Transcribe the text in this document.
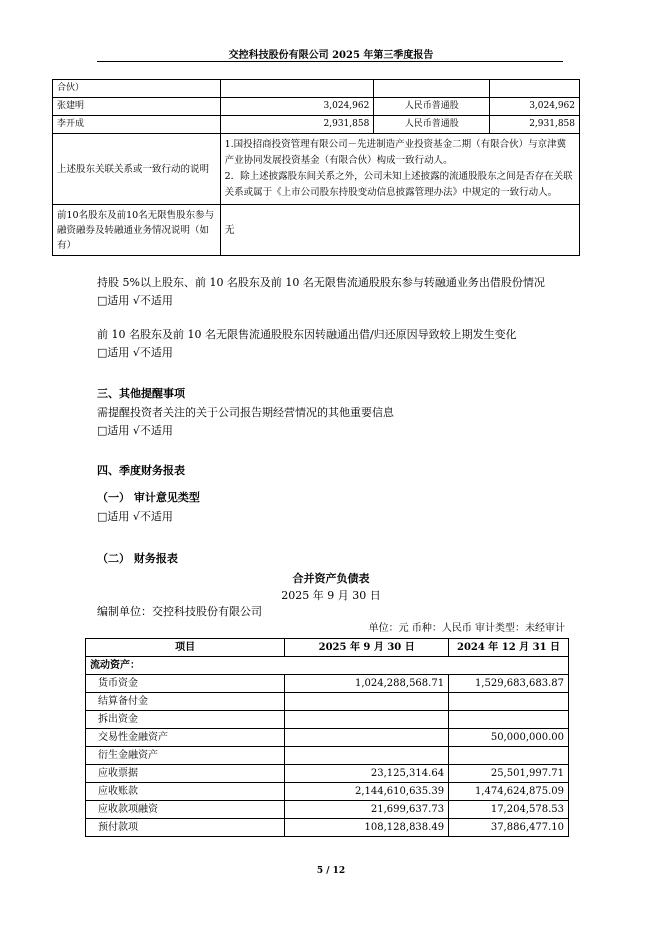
交控科技股份有限公司 2025 年第三季度报告
合伙）			
张建明	3,024,962	人民币普通股	3,024,962
李开成	2,931,858	人民币普通股	2,931,858
上述股东关联关系或一致行动的说明	1.国投招商投资管理有限公司－先进制造产业投资基金二期（有限合伙）与京津冀产业协同发展投资基金（有限合伙）构成一致行动人。
2．除上述披露股东间关系之外，公司未知上述披露的流通股股东之间是否存在关联关系或属于《上市公司股东持股变动信息披露管理办法》中规定的一致行动人。		

前10名股东及前10名无限售股东参与融资融券及转融通业务情况说明（如有）	无		
持股 5%以上股东、前 10 名股东及前 10 名无限售流通股股东参与转融通业务出借股份情况
□适用 √不适用
前 10 名股东及前 10 名无限售流通股股东因转融通出借/归还原因导致较上期发生变化
□适用 √不适用
三、其他提醒事项
需提醒投资者关注的关于公司报告期经营情况的其他重要信息
□适用 √不适用
四、季度财务报表
（一） 审计意见类型
□适用 √不适用
（二） 财务报表
合并资产负债表
2025 年 9 月 30 日
编制单位：交控科技股份有限公司
单位：元 币种：人民币 审计类型：未经审计
项目	2025 年 9 月 30 日	2024 年 12 月 31 日
流动资产：		
货币资金	1,024,288,568.71	1,529,683,683.87
结算备付金		
拆出资金		
交易性金融资产		50,000,000.00
衍生金融资产		
应收票据	23,125,314.64	25,501,997.71
应收账款	2,144,610,635.39	1,474,624,875.09
应收款项融资	21,699,637.73	17,204,578.53
预付款项	108,128,838.49	37,886,477.10
5 / 12
